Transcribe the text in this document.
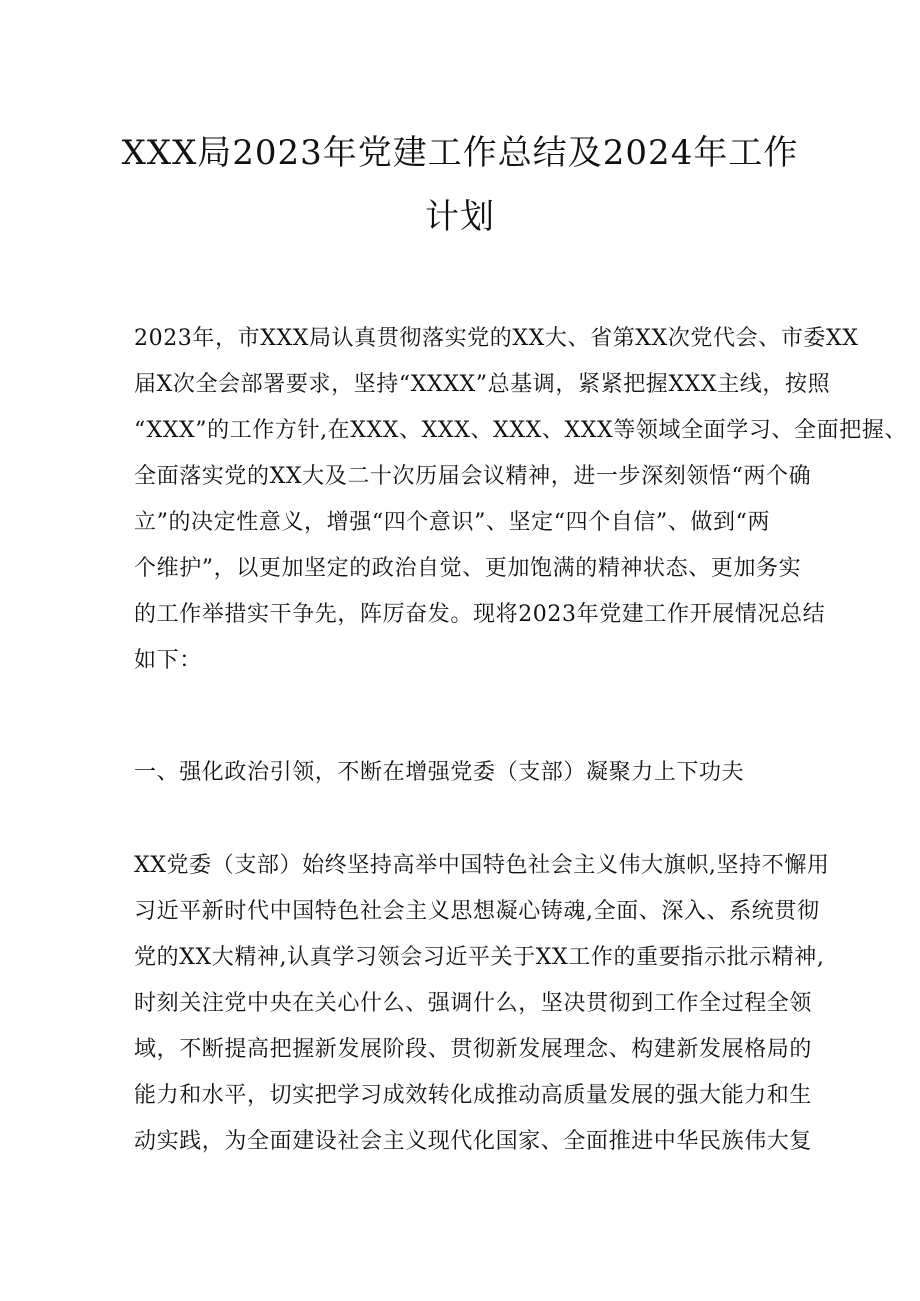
XXX局2023年党建工作总结及2024年工作
计划
2023年，市XXX局认真贯彻落实党的XX大、省第XX次党代会、市委XX
届X次全会部署要求，坚持“XXXX”总基调，紧紧把握XXX主线，按照
“XXX”的工作方针,在XXX、XXX、XXX、XXX等领域全面学习、全面把握、
全面落实党的XX大及二十次历届会议精神，进一步深刻领悟“两个确
立”的决定性意义，增强“四个意识”、坚定“四个自信”、做到“两
个维护”，以更加坚定的政治自觉、更加饱满的精神状态、更加务实
的工作举措实干争先，阵厉奋发。现将2023年党建工作开展情况总结
如下：
一、强化政治引领，不断在增强党委（支部）凝聚力上下功夫
XX党委（支部）始终坚持高举中国特色社会主义伟大旗帜,坚持不懈用
习近平新时代中国特色社会主义思想凝心铸魂,全面、深入、系统贯彻
党的XX大精神,认真学习领会习近平关于XX工作的重要指示批示精神,
时刻关注党中央在关心什么、强调什么，坚决贯彻到工作全过程全领
域，不断提高把握新发展阶段、贯彻新发展理念、构建新发展格局的
能力和水平，切实把学习成效转化成推动高质量发展的强大能力和生
动实践，为全面建设社会主义现代化国家、全面推进中华民族伟大复
